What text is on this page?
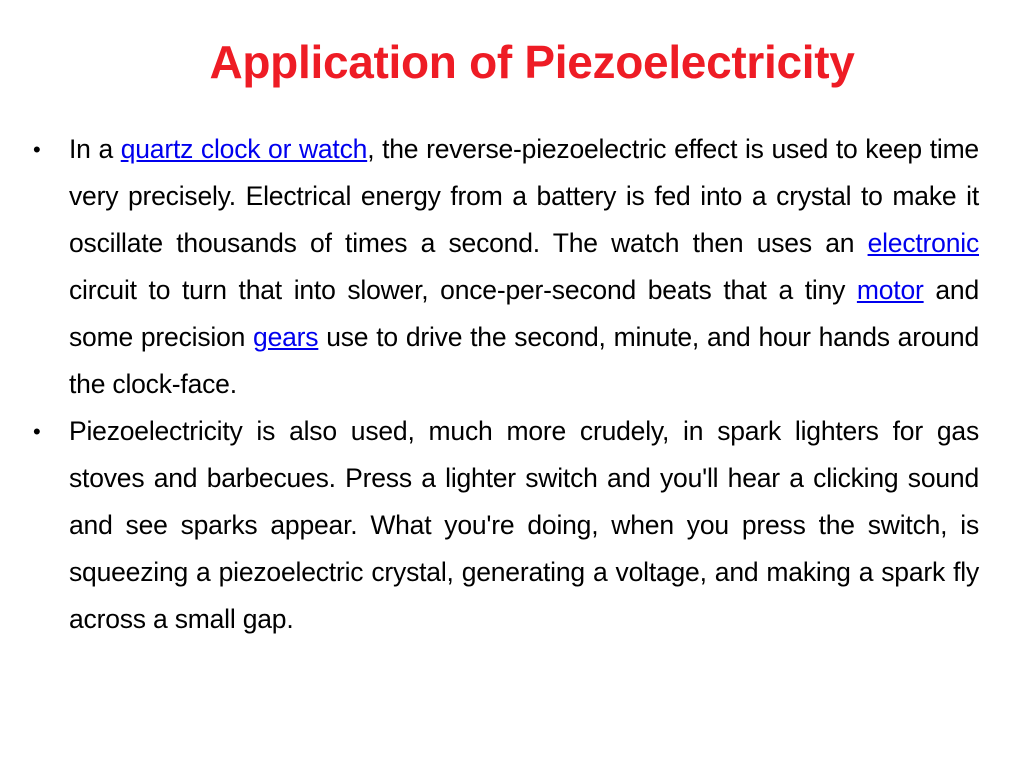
Application of Piezoelectricity
•	In a quartz clock or watch, the reverse-piezoelectric effect is used to keep time very precisely. Electrical energy from a battery is fed into a crystal to make it oscillate thousands of times a second. The watch then uses an electronic circuit to turn that into slower, once-per-second beats that a tiny motor and some precision gears use to drive the second, minute, and hour hands around the clock-face.
•	Piezoelectricity is also used, much more crudely, in spark lighters for gas stoves and barbecues. Press a lighter switch and you'll hear a clicking sound and see sparks appear. What you're doing, when you press the switch, is squeezing a piezoelectric crystal, generating a voltage, and making a spark fly across a small gap.
